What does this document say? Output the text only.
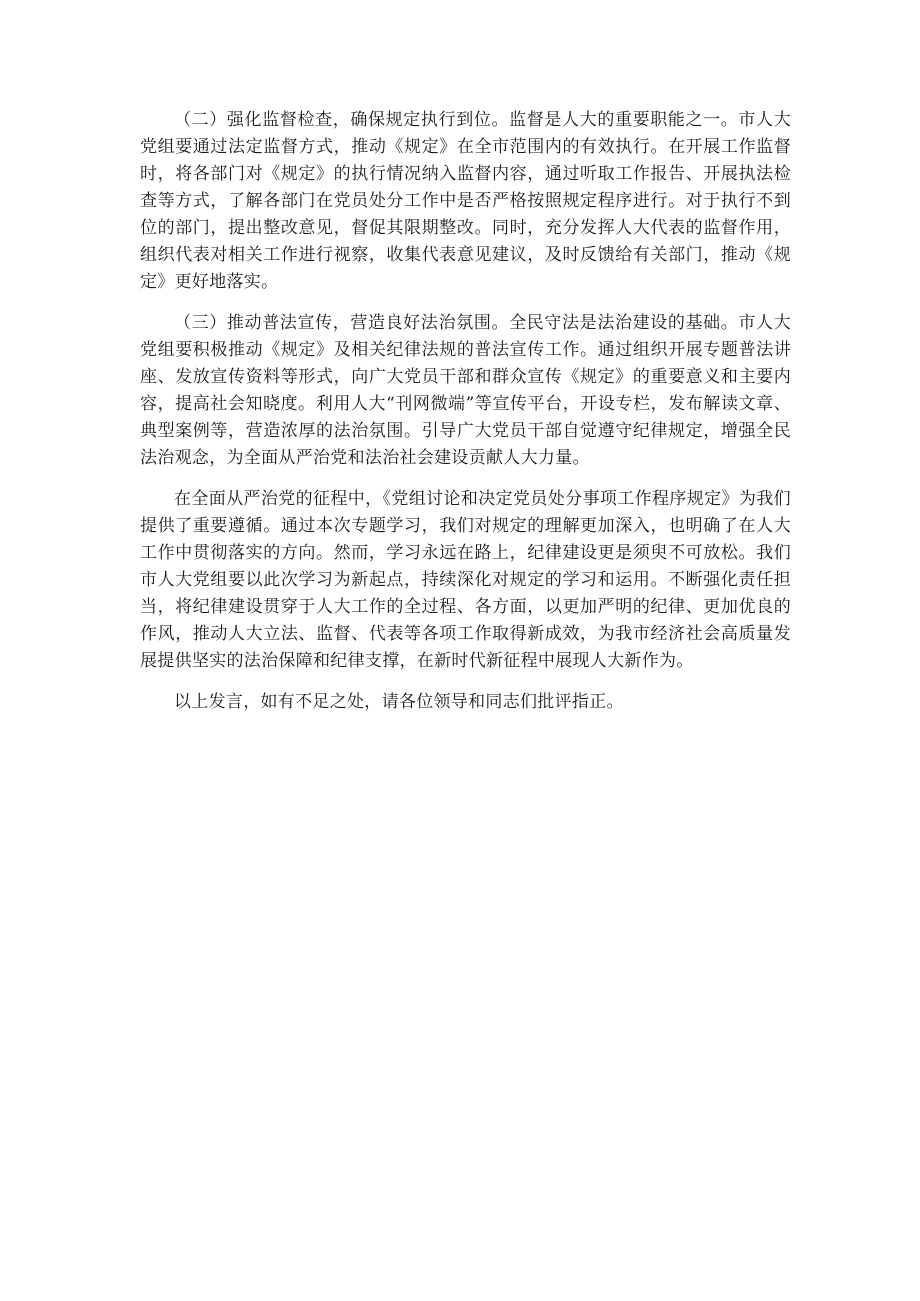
（二）强化监督检查，确保规定执行到位。监督是人大的重要职能之一。市人大党组要通过法定监督方式，推动《规定》在全市范围内的有效执行。在开展工作监督时，将各部门对《规定》的执行情况纳入监督内容，通过听取工作报告、开展执法检查等方式，了解各部门在党员处分工作中是否严格按照规定程序进行。对于执行不到位的部门，提出整改意见，督促其限期整改。同时，充分发挥人大代表的监督作用，组织代表对相关工作进行视察，收集代表意见建议，及时反馈给有关部门，推动《规定》更好地落实。

（三）推动普法宣传，营造良好法治氛围。全民守法是法治建设的基础。市人大党组要积极推动《规定》及相关纪律法规的普法宣传工作。通过组织开展专题普法讲座、发放宣传资料等形式，向广大党员干部和群众宣传《规定》的重要意义和主要内容，提高社会知晓度。利用人大“刊网微端”等宣传平台，开设专栏，发布解读文章、典型案例等，营造浓厚的法治氛围。引导广大党员干部自觉遵守纪律规定，增强全民法治观念，为全面从严治党和法治社会建设贡献人大力量。

在全面从严治党的征程中，《党组讨论和决定党员处分事项工作程序规定》为我们提供了重要遵循。通过本次专题学习，我们对规定的理解更加深入，也明确了在人大工作中贯彻落实的方向。然而，学习永远在路上，纪律建设更是须臾不可放松。我们市人大党组要以此次学习为新起点，持续深化对规定的学习和运用。不断强化责任担当，将纪律建设贯穿于人大工作的全过程、各方面，以更加严明的纪律、更加优良的作风，推动人大立法、监督、代表等各项工作取得新成效，为我市经济社会高质量发展提供坚实的法治保障和纪律支撑，在新时代新征程中展现人大新作为。

以上发言，如有不足之处，请各位领导和同志们批评指正。
